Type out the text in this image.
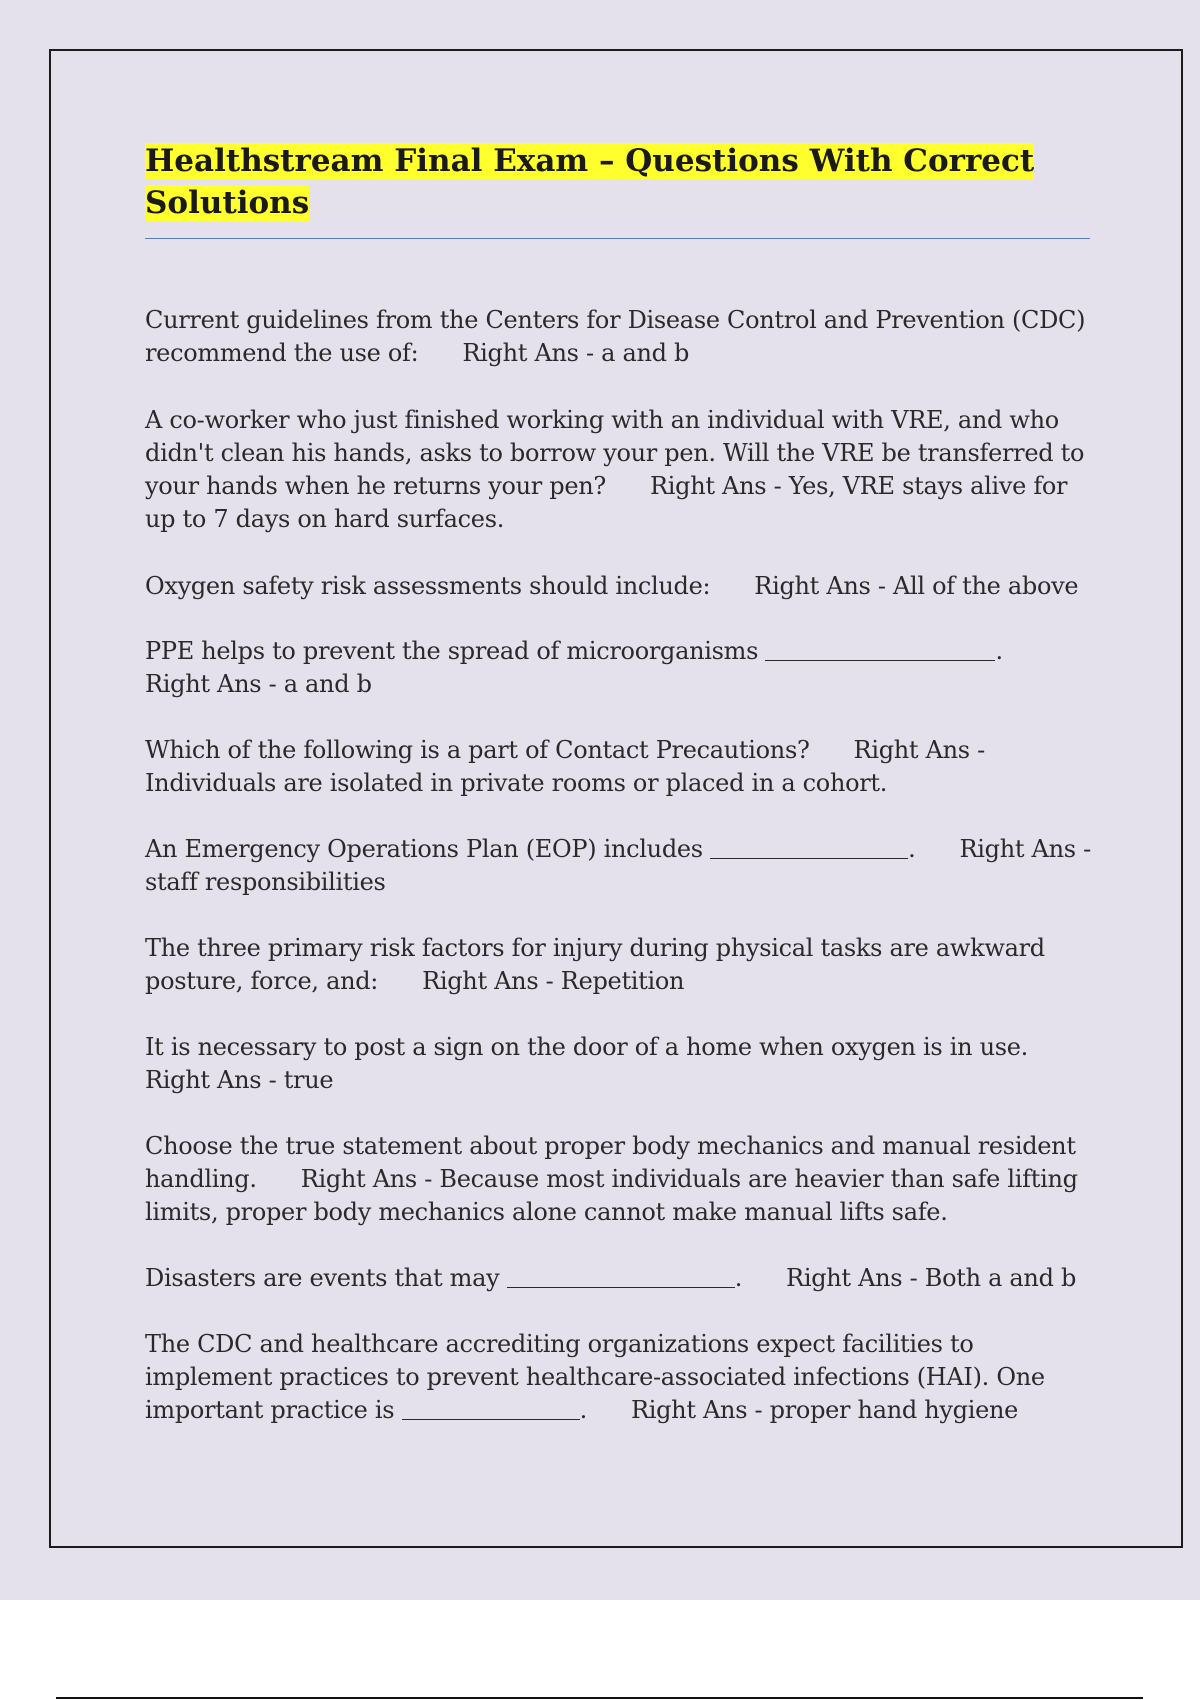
Healthstream Final Exam – Questions With Correct Solutions

Current guidelines from the Centers for Disease Control and Prevention (CDC) recommend the use of: Right Ans - a and b

A co-worker who just finished working with an individual with VRE, and who didn't clean his hands, asks to borrow your pen. Will the VRE be transferred to your hands when he returns your pen? Right Ans - Yes, VRE stays alive for up to 7 days on hard surfaces.

Oxygen safety risk assessments should include: Right Ans - All of the above

PPE helps to prevent the spread of microorganisms	.
Right Ans - a and b

Which of the following is a part of Contact Precautions? Right Ans - Individuals are isolated in private rooms or placed in a cohort.

An Emergency Operations Plan (EOP) includes	. Right Ans - staff responsibilities

The three primary risk factors for injury during physical tasks are awkward posture, force, and: Right Ans - Repetition

It is necessary to post a sign on the door of a home when oxygen is in use.
Right Ans - true

Choose the true statement about proper body mechanics and manual resident handling. Right Ans - Because most individuals are heavier than safe lifting limits, proper body mechanics alone cannot make manual lifts safe.

Disasters are events that may	. Right Ans - Both a and b

The CDC and healthcare accrediting organizations expect facilities to implement practices to prevent healthcare-associated infections (HAI). One important practice is	. Right Ans - proper hand hygiene
